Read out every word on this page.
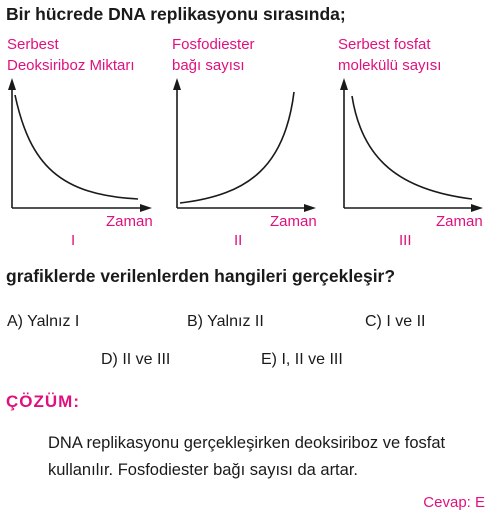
Bir hücrede DNA replikasyonu sırasında;
Serbest
Deoksiriboz Miktarı
Zaman
I
Fosfodiester
bağı sayısı
Zaman
II
Serbest fosfat
molekülü sayısı
Zaman
III
grafiklerde verilenlerden hangileri gerçekleşir?
A) Yalnız I	B) Yalnız II	C) I ve II
D) II ve III	E) I, II ve III
ÇÖZÜM:
DNA replikasyonu gerçekleşirken deoksiriboz ve fosfat kullanılır. Fosfodiester bağı sayısı da artar.
Cevap: E
